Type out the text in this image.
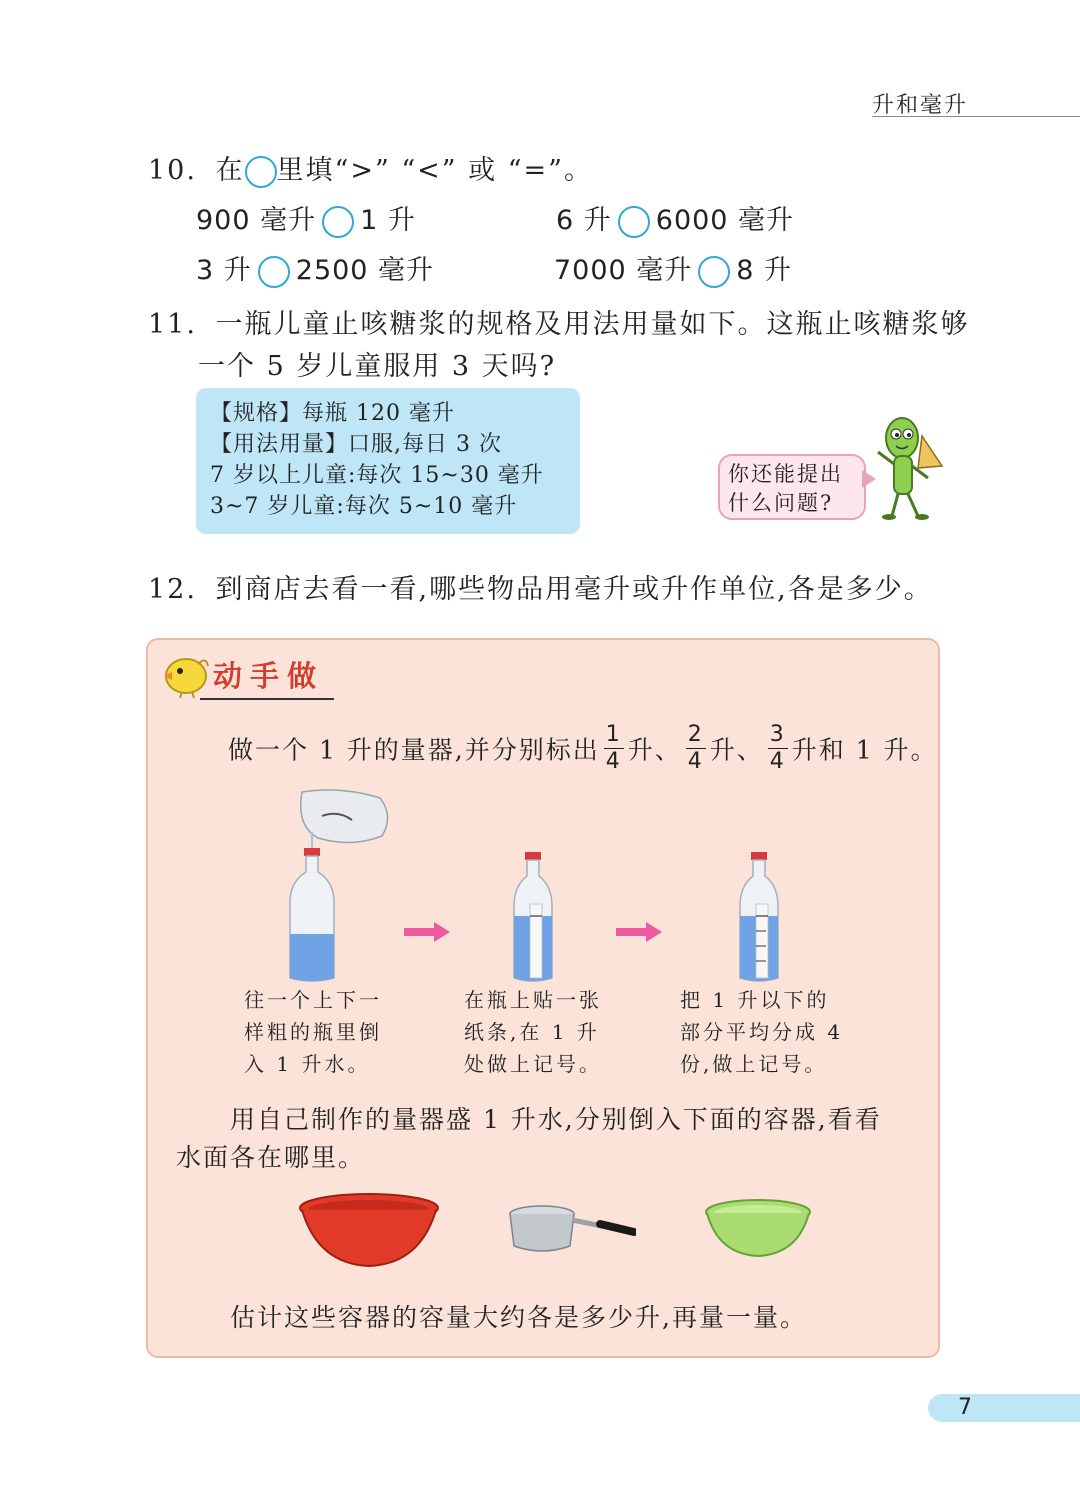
升和毫升
10. 在 里填“>” “<” 或 “=”。
900 毫升 1 升	6 升 6000 毫升
3 升 2500 毫升	7000 毫升 8 升
11. 一瓶儿童止咳糖浆的规格及用法用量如下。这瓶止咳糖浆够
一个 5 岁儿童服用 3 天吗?
【规格】每瓶 120 毫升
【用法用量】口服,每日 3 次
7 岁以上儿童:每次 15~30 毫升
3~7 岁儿童:每次 5~10 毫升
你还能提出
什么问题?
12. 到商店去看一看,哪些物品用毫升或升作单位,各是多少。
动手做
做一个 1 升的量器,并分别标出 $\frac{1}{4}$ 升、 $\frac{2}{4}$ 升、 $\frac{3}{4}$ 升和 1 升。
往一个上下一
样粗的瓶里倒
入 1 升水。
在瓶上贴一张
纸条,在 1 升
处做上记号。
把 1 升以下的
部分平均分成 4
份,做上记号。
用自己制作的量器盛 1 升水,分别倒入下面的容器,看看
水面各在哪里。
估计这些容器的容量大约各是多少升,再量一量。
7
